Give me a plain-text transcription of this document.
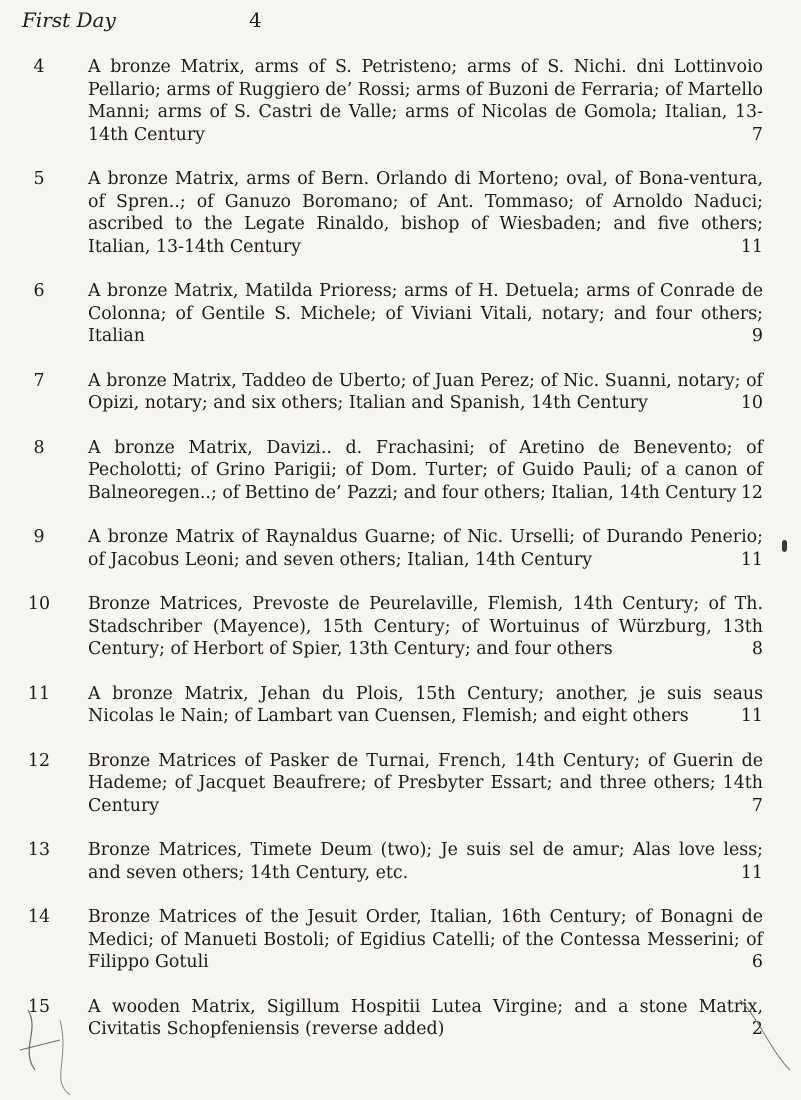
First Day	4
4	A bronze Matrix, arms of S. Petristeno; arms of S. Nichi. dni Lottinvoio Pellario; arms of Ruggiero de’ Rossi; arms of Buzoni de Ferraria; of Martello Manni; arms of S. Castri de Valle; arms of Nicolas de Gomola; Italian, 13-14th Century	7
5	A bronze Matrix, arms of Bern. Orlando di Morteno; oval, of Bona-ventura, of Spren..; of Ganuzo Boromano; of Ant. Tommaso; of Arnoldo Naduci; ascribed to the Legate Rinaldo, bishop of Wiesbaden; and five others; Italian, 13-14th Century	11
6	A bronze Matrix, Matilda Prioress; arms of H. Detuela; arms of Conrade de Colonna; of Gentile S. Michele; of Viviani Vitali, notary; and four others; Italian	9
7	A bronze Matrix, Taddeo de Uberto; of Juan Perez; of Nic. Suanni, notary; of Opizi, notary; and six others; Italian and Spanish, 14th Century	10
8	A bronze Matrix, Davizi.. d. Frachasini; of Aretino de Benevento; of Pecholotti; of Grino Parigii; of Dom. Turter; of Guido Pauli; of a canon of Balneoregen..; of Bettino de’ Pazzi; and four others; Italian, 14th Century 12
9	A bronze Matrix of Raynaldus Guarne; of Nic. Urselli; of Durando Penerio; of Jacobus Leoni; and seven others; Italian, 14th Century	11
10	Bronze Matrices, Prevoste de Peurelaville, Flemish, 14th Century; of Th. Stadschriber (Mayence), 15th Century; of Wortuinus of Würzburg, 13th Century; of Herbort of Spier, 13th Century; and four others	8
11	A bronze Matrix, Jehan du Plois, 15th Century; another, je suis seaus Nicolas le Nain; of Lambart van Cuensen, Flemish; and eight others	11
12	Bronze Matrices of Pasker de Turnai, French, 14th Century; of Guerin de Hademe; of Jacquet Beaufrere; of Presbyter Essart; and three others; 14th Century	7
13	Bronze Matrices, Timete Deum (two); Je suis sel de amur; Alas love less; and seven others; 14th Century, etc.	11
14	Bronze Matrices of the Jesuit Order, Italian, 16th Century; of Bonagni de Medici; of Manueti Bostoli; of Egidius Catelli; of the Contessa Messerini; of Filippo Gotuli	6
15	A wooden Matrix, Sigillum Hospitii Lutea Virgine; and a stone Matrix, Civitatis Schopfeniensis (reverse added)	2
